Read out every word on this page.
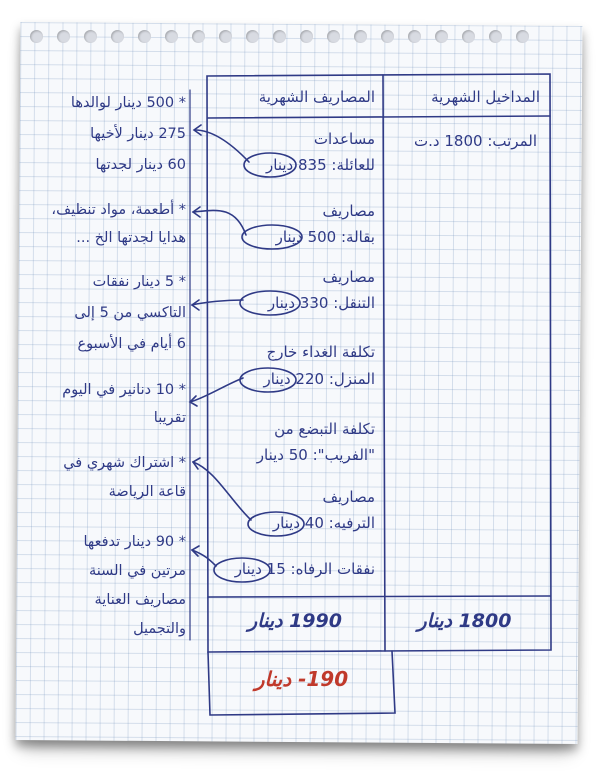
المداخيل الشهرية
المصاريف الشهرية
المرتب: 1800 د.ت
مساعدات
للعائلة: 835 دينار
مصاريف
بقالة: 500 دينار
مصاريف
التنقل: 330 دينار
تكلفة الغداء خارج
المنزل: 220 دينار
تكلفة التبضع من
"الفريب": 50 دينار
مصاريف
الترفيه: 40 دينار
نفقات الرفاه: 15 دينار
1800 دينار
1990 دينار
190- دينار
* 500 دينار لوالدها
275 دينار لأخيها
60 دينار لجدتها
* أطعمة، مواد تنظيف،
هدايا لجدتها الخ ...
* 5 دينار نفقات
التاكسي من 5 إلى
6 أيام في الأسبوع
* 10 دنانير في اليوم
تقريبا
* اشتراك شهري في
قاعة الرياضة
* 90 دينار تدفعها
مرتين في السنة
مصاريف العناية
والتجميل
